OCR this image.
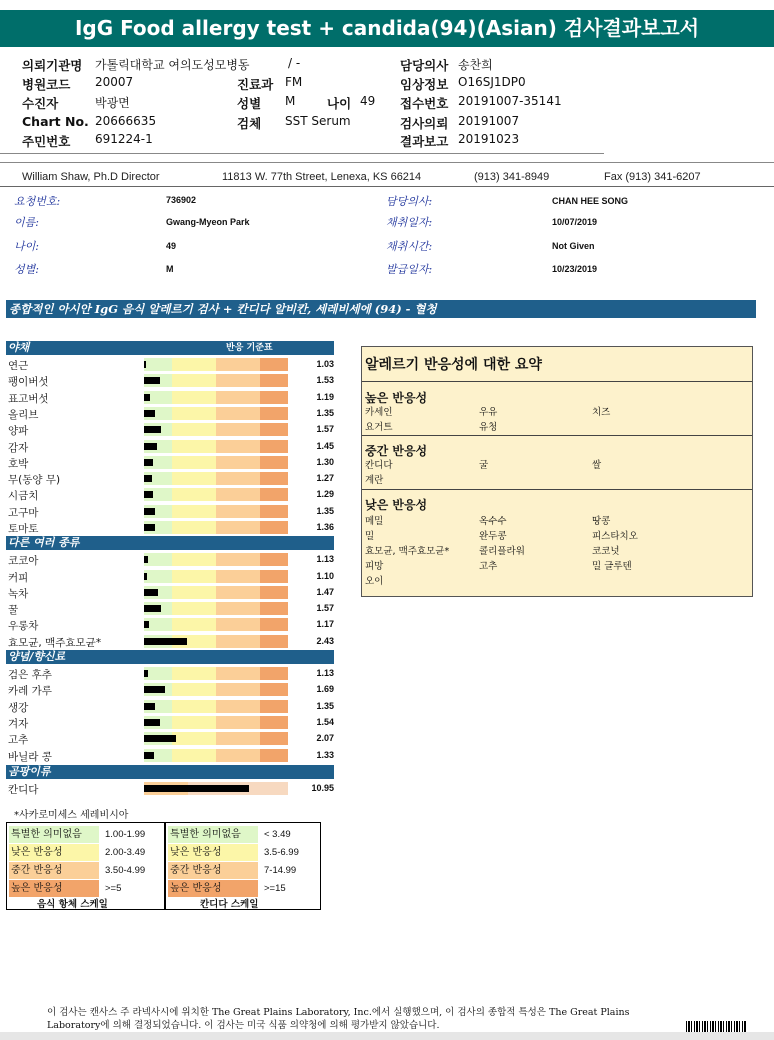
IgG Food allergy test + candida(94)(Asian) 검사결과보고서
의뢰기관명 가톨릭대학교 여의도성모병동
병원코드 20007
수진자	박광면
Chart No. 20666635
주민번호 691224-1
/ -
진료과 FM
성별 M
검체 SST Serum
나이 49
담당의사 송찬희
임상정보 O16SJ1DP0
접수번호 20191007-35141
검사의뢰 20191007
결과보고 20191023
William Shaw, Ph.D Director	11813 W. 77th Street, Lenexa, KS 66214	(913) 341-8949	Fax (913) 341-6207
요청번호:	736902
이름:	Gwang-Myeon Park
나이:	49
성별:	M
담당의사:	CHAN HEE SONG
채취일자:	10/07/2019
채취시간:	Not Given
발급일자:	10/23/2019
종합적인 아시안 IgG 음식 알레르기 검사 + 칸디다 알비칸, 세레비세에 (94) - 혈청
야채	반응 기준표
연근	1.03
팽이버섯	1.53
표고버섯	1.19
올리브	1.35
양파	1.57
감자	1.45
호박	1.30
무(동양 무)	1.27
시금치	1.29
고구마	1.35
토마토	1.36
다른 여러 종류
코코아	1.13
커피	1.10
녹차	1.47
꿀	1.57
우롱차	1.17
효모균, 맥주효모균*	2.43
양념/향신료
검은 후추	1.13
카레 가루	1.69
생강	1.35
겨자	1.54
고추	2.07
바닐라 콩	1.33
곰팡이류
칸디다	10.95
*사카로미세스 세레비시아
알레르기 반응성에 대한 요약
높은 반응성
카세인	우유	치즈
요거트	유청
중간 반응성
칸디다	굴	쌀
계란
낮은 반응성
메밀	옥수수	땅콩
밀	완두콩	피스타치오
효모균, 맥주효모균*	콜리플라워	코코넛
피망	고추	밀 글루텐
오이
특별한 의미없음	1.00-1.99
낮은 반응성	2.00-3.49
중간 반응성	3.50-4.99
높은 반응성	>=5
음식 항체 스케일
특별한 의미없음	< 3.49
낮은 반응성	3.5-6.99
중간 반응성	7-14.99
높은 반응성	>=15
칸디다 스케일
이 검사는 캔사스 주 라넥사시에 위치한 The Great Plains Laboratory, Inc.에서 실행했으며, 이 검사의 종합적 특성은 The Great Plains Laboratory에 의해 결정되었습니다. 이 검사는 미국 식품 의약청에 의해 평가받지 않았습니다.
